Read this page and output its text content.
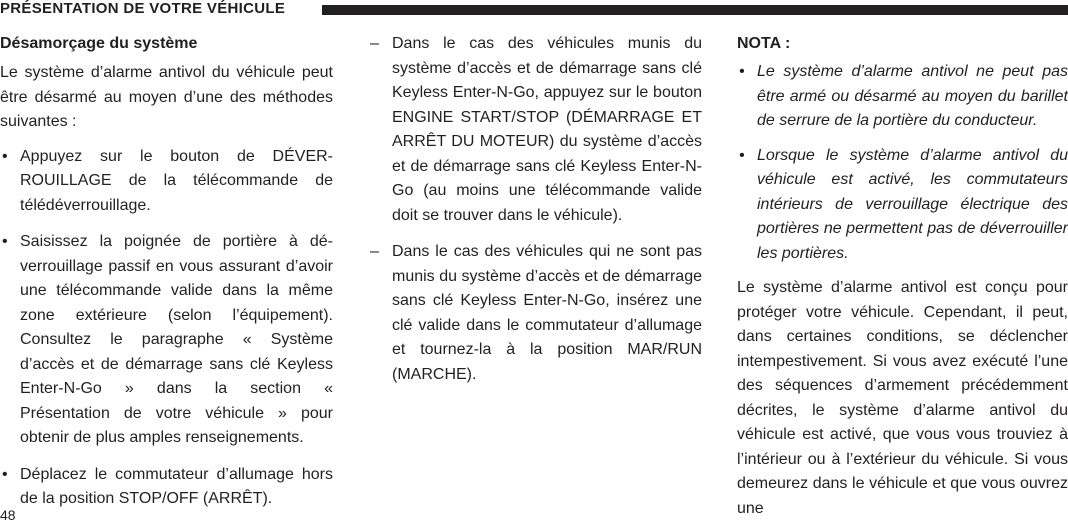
PRÉSENTATION DE VOTRE VÉHICULE
Désamorçage du système

Le système d’alarme antivol du véhicule peut être désarmé au moyen d’une des méthodes suivantes :

• Appuyez sur le bouton de DÉVERROUILLAGE de la télécommande de télédéverrouillage.
• Saisissez la poignée de portière à déverrouillage passif en vous assurant d’avoir une télécommande valide dans la même zone extérieure (selon l’équipement). Consultez le paragraphe « Système d’accès et de démarrage sans clé Keyless Enter-N-Go » dans la section « Présentation de votre véhicule » pour obtenir de plus amples renseignements.
• Déplacez le commutateur d’allumage hors de la position STOP/OFF (ARRÊT).
– Dans le cas des véhicules munis du système d’accès et de démarrage sans clé Keyless Enter-N-Go, appuyez sur le bouton ENGINE START/STOP (DÉMARRAGE ET ARRÊT DU MOTEUR) du système d’accès et de démarrage sans clé Keyless Enter-N-Go (au moins une télécommande valide doit se trouver dans le véhicule).
– Dans le cas des véhicules qui ne sont pas munis du système d’accès et de démarrage sans clé Keyless Enter-N-Go, insérez une clé valide dans le commutateur d’allumage et tournez-la à la position MAR/RUN (MARCHE).
NOTA :
• Le système d’alarme antivol ne peut pas être armé ou désarmé au moyen du barillet de serrure de la portière du conducteur.
• Lorsque le système d’alarme antivol du véhicule est activé, les commutateurs intérieurs de verrouillage électrique des portières ne permettent pas de déverrouiller les portières.

Le système d’alarme antivol est conçu pour protéger votre véhicule. Cependant, il peut, dans certaines conditions, se déclencher intempestivement. Si vous avez exécuté l’une des séquences d’armement précédemment décrites, le système d’alarme antivol du véhicule est activé, que vous vous trouviez à l’intérieur ou à l’extérieur du véhicule. Si vous demeurez dans le véhicule et que vous ouvrez une

48
